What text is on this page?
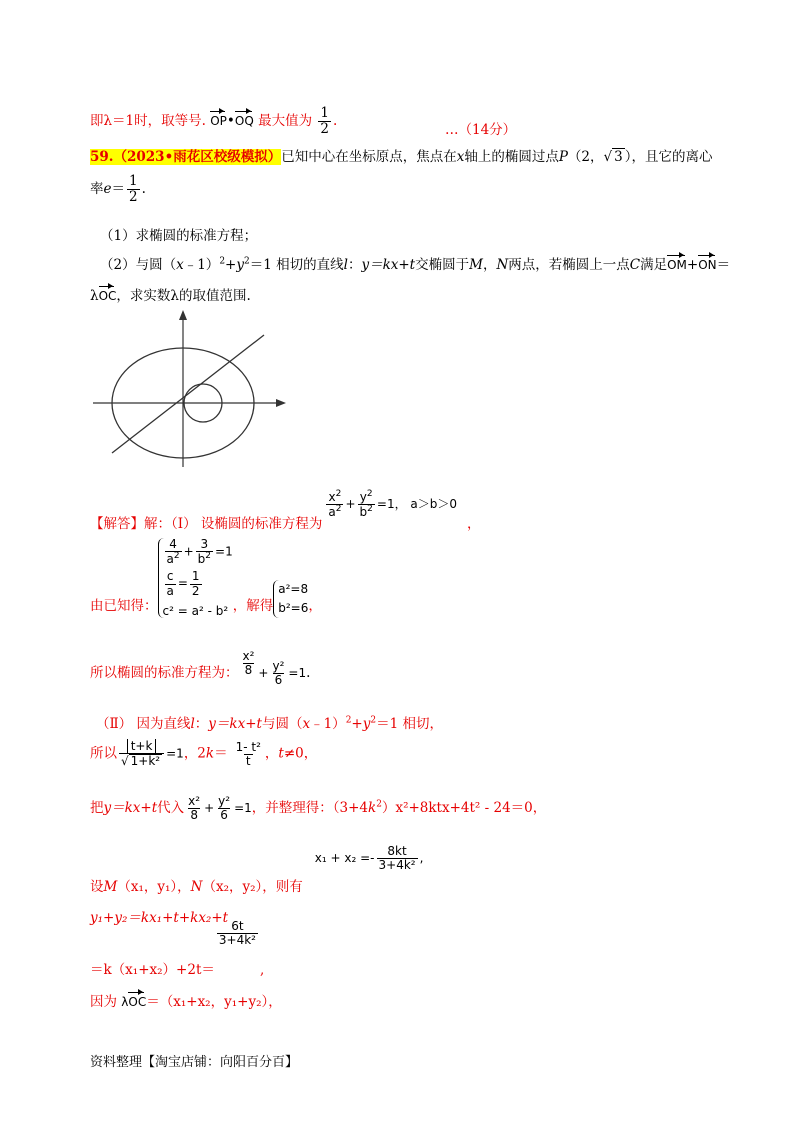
即λ＝1时，取等号. OP•OQ 最大值为 $\frac{1}{2}$ .
…（14分）
59.（2023•雨花区校级模拟）已知中心在坐标原点，焦点在x轴上的椭圆过点P（2，√ 3 ），且它的离心
率$e= \frac{1}{2}$ .
（1）求椭圆的标准方程；
（2）与圆$(x﹣1)^2+y^2=1$ 相切的直线l：y＝kx+t交椭圆于M，N两点，若椭圆上一点C满足OM+ON＝
λOC，求实数λ的取值范围.
【解答】解：（Ⅰ） 设椭圆的标准方程为
$\frac{x^2}{a^2} + \frac{y^2}{b^2} =1$， a＞b＞0，
由已知得：
$\frac{4}{a^2} + \frac{3}{b^2} =1$
$\frac{c}{a} = \frac{1}{2}$
c² = a² - b² ，解得
a²=8
b²=6 ，
所以椭圆的标准方程为： $\frac{\text{x²}}{8} + \frac{\text{y²}}{6} =1$.
（Ⅱ） 因为直线l：y＝kx+t与圆$(x﹣1)^2+y^2=1$ 相切，
所以 $\frac{t+k}{\text{√ 1+k²}} =1$，$2k= \frac{\text{1- t²}}{t}$ ，t≠0，
把y＝kx+t代入 $\frac{\text{x²}}{8} + \frac{\text{y²}}{6} =1$，并整理得：$(3+4k^2)x^2+8ktx+4t^2 - 24=0$，
设M（x₁，y₁），N（x₂，y₂），则有$x_1 + x_2 =- \frac{8kt}{\text{3+4k²}}$ ,
y₁+y₂＝kx₁+t+kx₂+t
＝k（x₁+x₂）+2t＝
$\frac{6t}{\text{3+4k²}}$
,
因为 λOC＝（x₁+x₂，y₁+y₂），
资料整理【淘宝店铺：向阳百分百】
